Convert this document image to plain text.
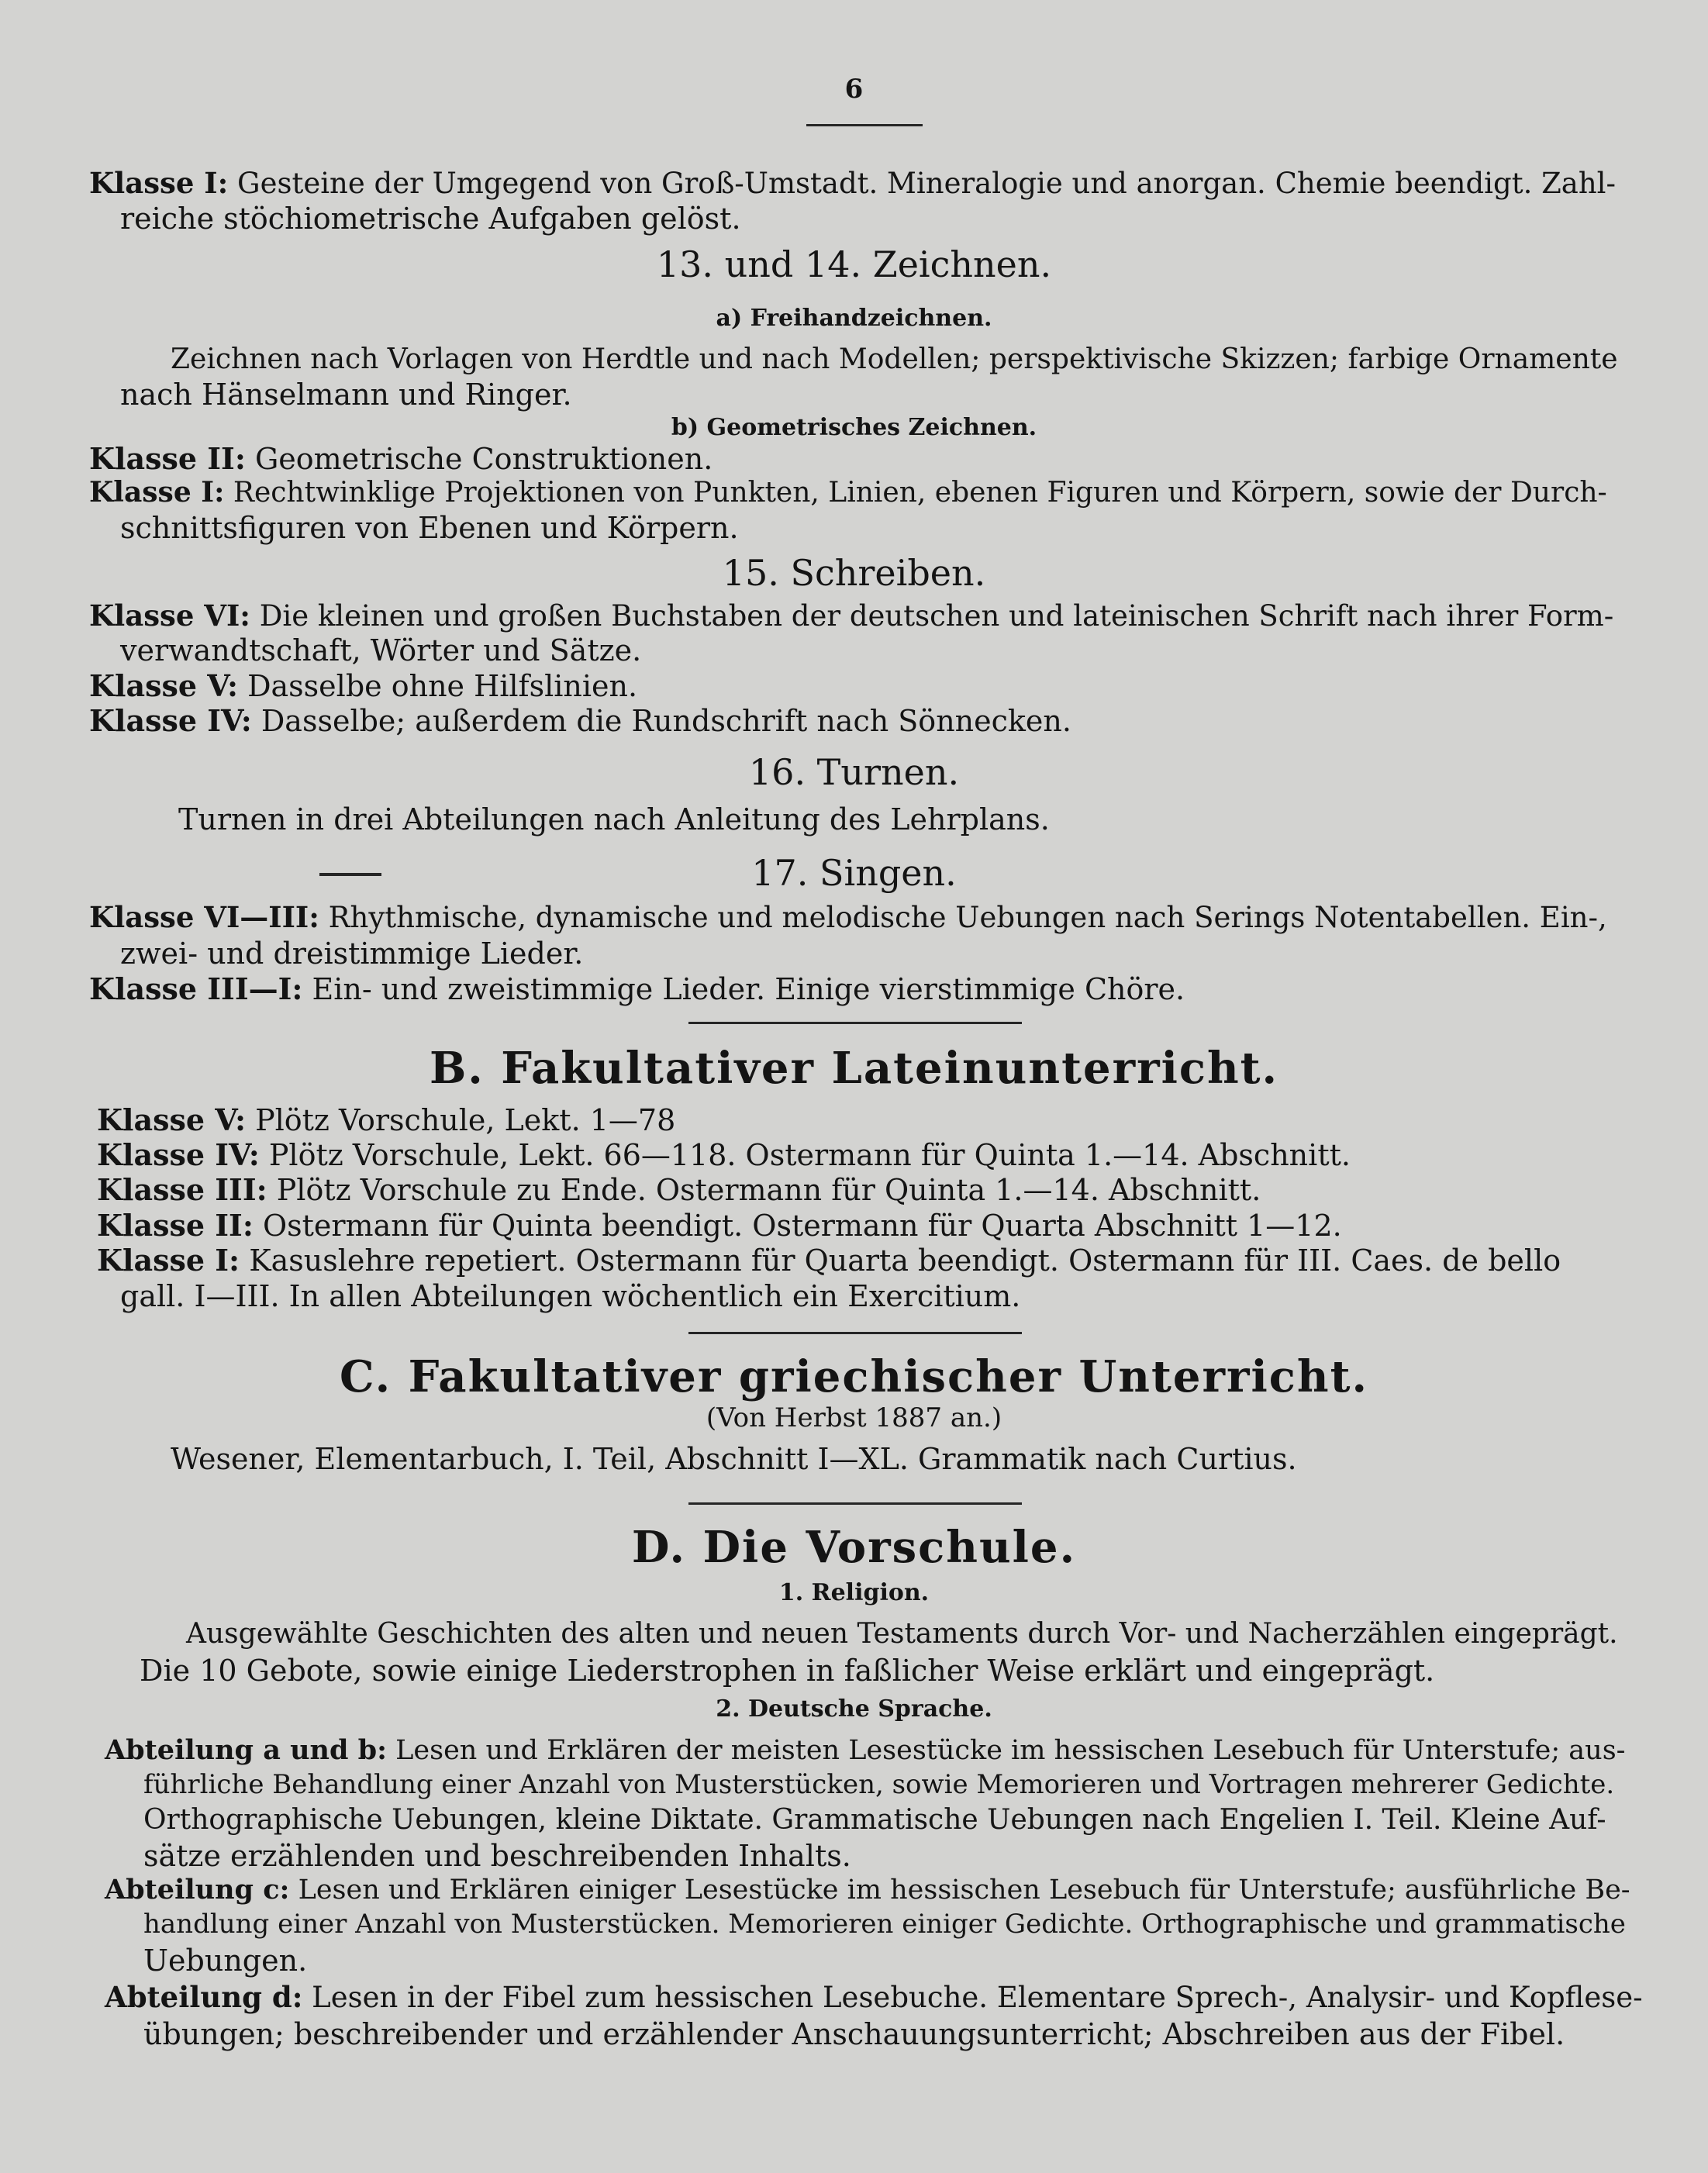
6

Klasse I: Gesteine der Umgegend von Groß-Umstadt. Mineralogie und anorgan. Chemie beendigt. Zahl-

reiche stöchiometrische Aufgaben gelöst.

13. und 14. Zeichnen.

a) Freihandzeichnen.

Zeichnen nach Vorlagen von Herdtle und nach Modellen; perspektivische Skizzen; farbige Ornamente

nach Hänselmann und Ringer.

b) Geometrisches Zeichnen.

Klasse II: Geometrische Construktionen.

Klasse I: Rechtwinklige Projektionen von Punkten, Linien, ebenen Figuren und Körpern, sowie der Durch-

schnittsfiguren von Ebenen und Körpern.

15. Schreiben.

Klasse VI: Die kleinen und großen Buchstaben der deutschen und lateinischen Schrift nach ihrer Form-

verwandtschaft, Wörter und Sätze.

Klasse V: Dasselbe ohne Hilfslinien.

Klasse IV: Dasselbe; außerdem die Rundschrift nach Sönnecken.

16. Turnen.

Turnen in drei Abteilungen nach Anleitung des Lehrplans.

17. Singen.

Klasse VI—III: Rhythmische, dynamische und melodische Uebungen nach Serings Notentabellen. Ein-,

zwei- und dreistimmige Lieder.

Klasse III—I: Ein- und zweistimmige Lieder. Einige vierstimmige Chöre.

B. Fakultativer Lateinunterricht.

Klasse V: Plötz Vorschule, Lekt. 1—78

Klasse IV: Plötz Vorschule, Lekt. 66—118. Ostermann für Quinta 1.—14. Abschnitt.

Klasse III: Plötz Vorschule zu Ende. Ostermann für Quinta 1.—14. Abschnitt.

Klasse II: Ostermann für Quinta beendigt. Ostermann für Quarta Abschnitt 1—12.

Klasse I: Kasuslehre repetiert. Ostermann für Quarta beendigt. Ostermann für III. Caes. de bello

gall. I—III. In allen Abteilungen wöchentlich ein Exercitium.

C. Fakultativer griechischer Unterricht.

(Von Herbst 1887 an.)

Wesener, Elementarbuch, I. Teil, Abschnitt I—XL. Grammatik nach Curtius.

D. Die Vorschule.

1. Religion.

Ausgewählte Geschichten des alten und neuen Testaments durch Vor- und Nacherzählen eingeprägt.

Die 10 Gebote, sowie einige Liederstrophen in faßlicher Weise erklärt und eingeprägt.

2. Deutsche Sprache.

Abteilung a und b: Lesen und Erklären der meisten Lesestücke im hessischen Lesebuch für Unterstufe; aus-

führliche Behandlung einer Anzahl von Musterstücken, sowie Memorieren und Vortragen mehrerer Gedichte.

Orthographische Uebungen, kleine Diktate. Grammatische Uebungen nach Engelien I. Teil. Kleine Auf-

sätze erzählenden und beschreibenden Inhalts.

Abteilung c: Lesen und Erklären einiger Lesestücke im hessischen Lesebuch für Unterstufe; ausführliche Be-

handlung einer Anzahl von Musterstücken. Memorieren einiger Gedichte. Orthographische und grammatische

Uebungen.

Abteilung d: Lesen in der Fibel zum hessischen Lesebuche. Elementare Sprech-, Analysir- und Kopflese-

übungen; beschreibender und erzählender Anschauungsunterricht; Abschreiben aus der Fibel.
